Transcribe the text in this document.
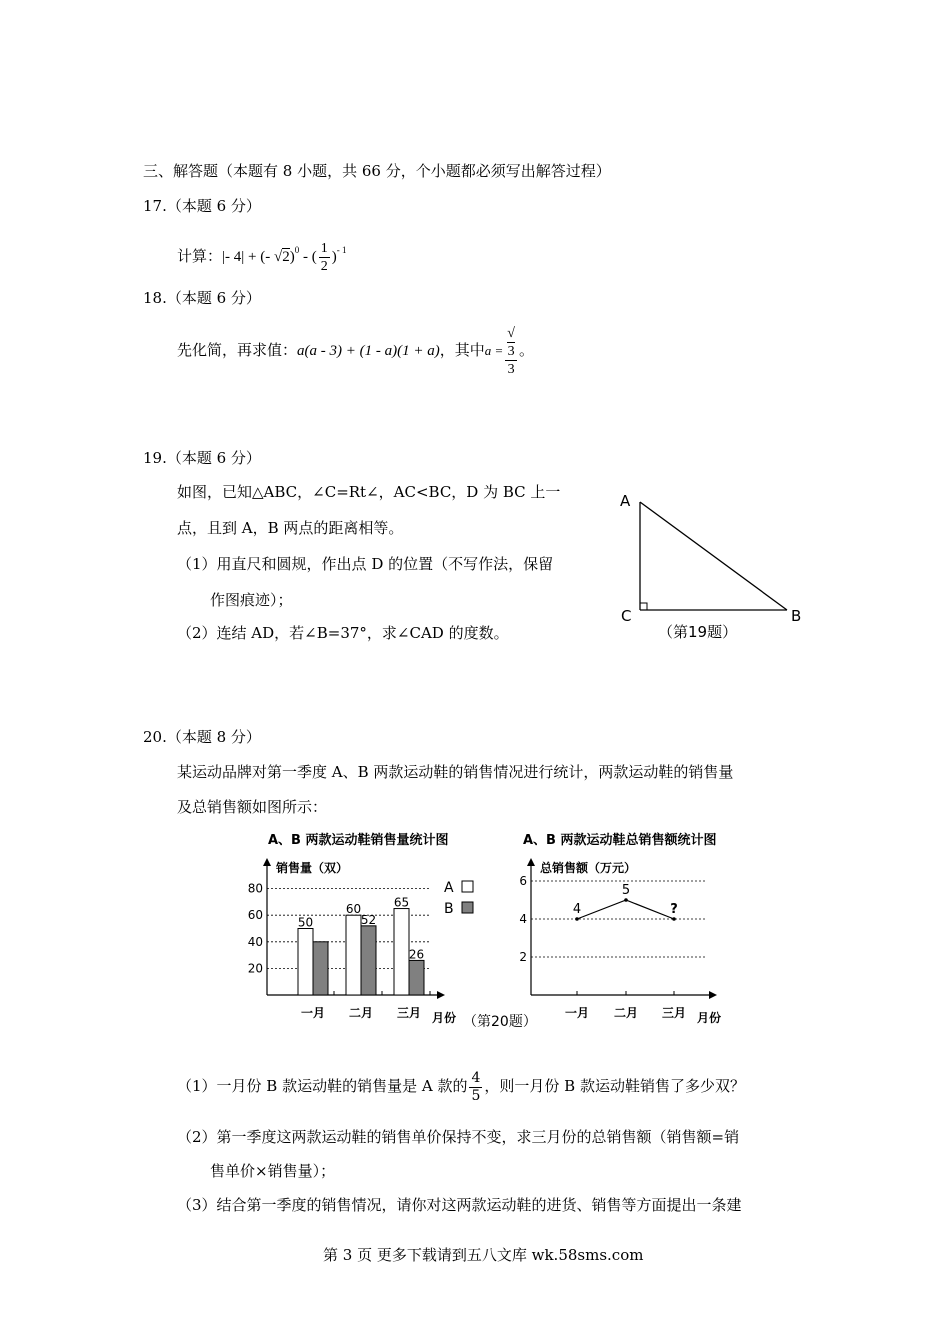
三、解答题（本题有 8 小题，共 66 分，个小题都必须写出解答过程）
17.（本题 6 分）
计算：|- 4| + (- √2)$^0$ - ( $\frac{1}{2} )^{- 1}$
18.（本题 6 分）
先化简，再求值：a(a - 3) + (1 - a)(1 + a)，其中a = √
3
3 。
19.（本题 6 分）
如图，已知△ABC，∠C=Rt∠，AC<BC，D 为 BC 上一
点，且到 A，B 两点的距离相等。
（1）用直尺和圆规，作出点 D 的位置（不写作法，保留
作图痕迹）；
（2）连结 AD，若∠B=37°，求∠CAD 的度数。
A
C	B
（第19题）
20.（本题 8 分）
某运动品牌对第一季度 A、B 两款运动鞋的销售情况进行统计，两款运动鞋的销售量
及总销售额如图所示：
A、B 两款运动鞋销售量统计图
销售量（双）
月份
20
40
60
80
50
60
52
65
26
一月 二月 三月
A
B
A、B 两款运动鞋总销售额统计图
总销售额（万元）
月份
2
4
6
4
5
?
一月 二月 三月
（第20题）
（1）一月份 B 款运动鞋的销售量是 A 款的 $\frac{4}{5}$ ，则一月份 B 款运动鞋销售了多少双？
（2）第一季度这两款运动鞋的销售单价保持不变，求三月份的总销售额（销售额=销
售单价×销售量）；
（3）结合第一季度的销售情况，请你对这两款运动鞋的进货、销售等方面提出一条建
第 3 页 更多下载请到五八文库 wk.58sms.com
